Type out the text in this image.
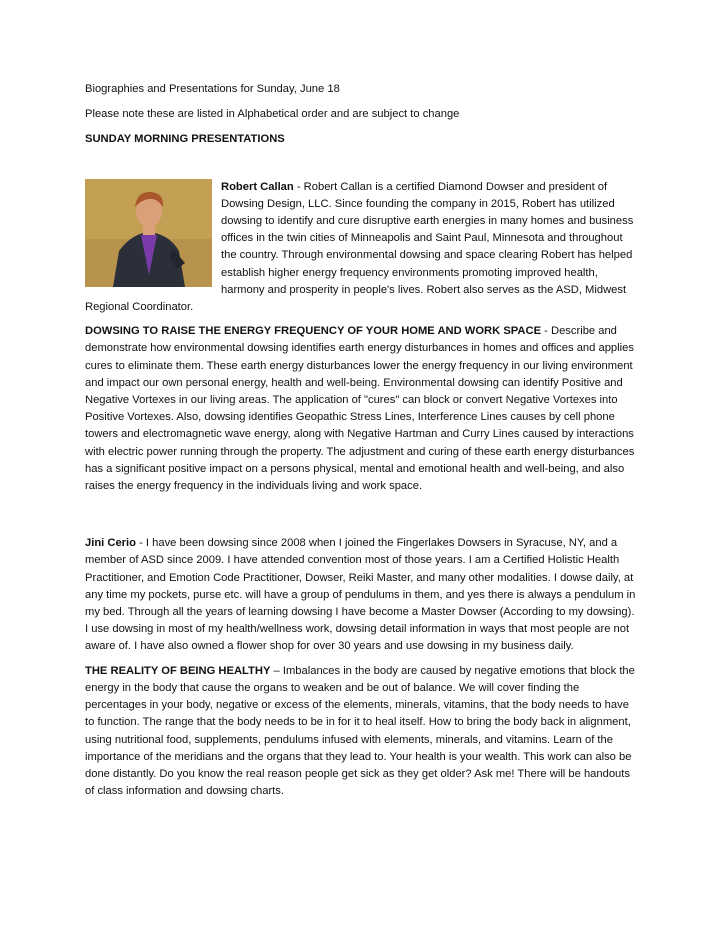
Biographies and Presentations for Sunday, June 18

Please note these are listed in Alphabetical order and are subject to change

SUNDAY MORNING PRESENTATIONS

Robert Callan - Robert Callan is a certified Diamond Dowser and president of Dowsing Design, LLC. Since founding the company in 2015, Robert has utilized dowsing to identify and cure disruptive earth energies in many homes and business offices in the twin cities of Minneapolis and Saint Paul, Minnesota and throughout the country. Through environmental dowsing and space clearing Robert has helped establish higher energy frequency environments promoting improved health, harmony and prosperity in people's lives. Robert also serves as the ASD, Midwest Regional Coordinator.

DOWSING TO RAISE THE ENERGY FREQUENCY OF YOUR HOME AND WORK SPACE - Describe and demonstrate how environmental dowsing identifies earth energy disturbances in homes and offices and applies cures to eliminate them. These earth energy disturbances lower the energy frequency in our living environment and impact our own personal energy, health and well-being. Environmental dowsing can identify Positive and Negative Vortexes in our living areas. The application of "cures" can block or convert Negative Vortexes into Positive Vortexes. Also, dowsing identifies Geopathic Stress Lines, Interference Lines causes by cell phone towers and electromagnetic wave energy, along with Negative Hartman and Curry Lines caused by interactions with electric power running through the property. The adjustment and curing of these earth energy disturbances has a significant positive impact on a persons physical, mental and emotional health and well-being, and also raises the energy frequency in the individuals living and work space.

Jini Cerio - I have been dowsing since 2008 when I joined the Fingerlakes Dowsers in Syracuse, NY, and a member of ASD since 2009. I have attended convention most of those years. I am a Certified Holistic Health Practitioner, and Emotion Code Practitioner, Dowser, Reiki Master, and many other modalities. I dowse daily, at any time my pockets, purse etc. will have a group of pendulums in them, and yes there is always a pendulum in my bed. Through all the years of learning dowsing I have become a Master Dowser (According to my dowsing). I use dowsing in most of my health/wellness work, dowsing detail information in ways that most people are not aware of. I have also owned a flower shop for over 30 years and use dowsing in my business daily.

THE REALITY OF BEING HEALTHY – Imbalances in the body are caused by negative emotions that block the energy in the body that cause the organs to weaken and be out of balance. We will cover finding the percentages in your body, negative or excess of the elements, minerals, vitamins, that the body needs to have to function. The range that the body needs to be in for it to heal itself. How to bring the body back in alignment, using nutritional food, supplements, pendulums infused with elements, minerals, and vitamins. Learn of the importance of the meridians and the organs that they lead to. Your health is your wealth. This work can also be done distantly. Do you know the real reason people get sick as they get older? Ask me! There will be handouts of class information and dowsing charts.
